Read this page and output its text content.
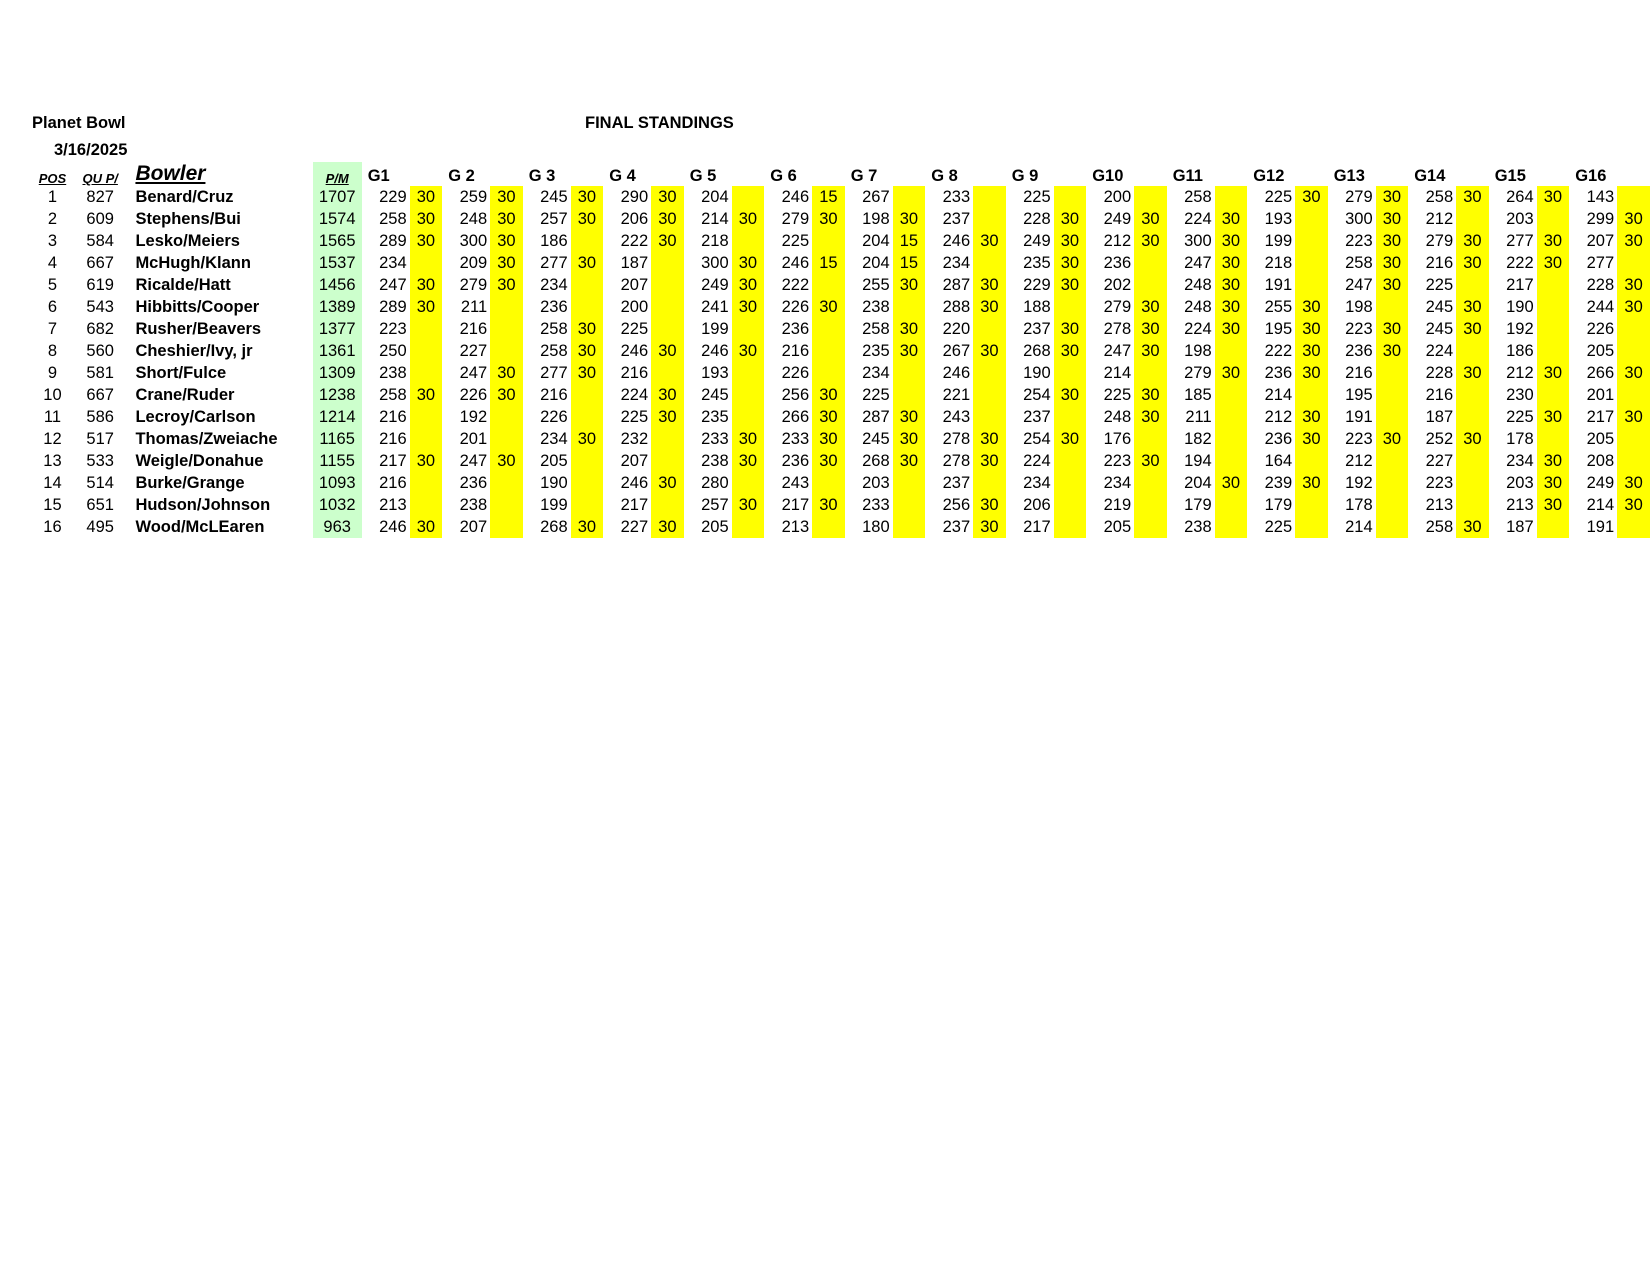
Planet Bowl
3/16/2025
FINAL STANDINGS
POS	QU P/	Bowler		P/M	G1		G 2		G 3		G 4		G 5		G 6		G 7		G 8		G 9		G10		G11		G12		G13		G14		G15		G16	
1	827	Benard/Cruz		1707	229	30	259	30	245	30	290	30	204		246	15	267		233		225		200		258		225	30	279	30	258	30	264	30	143	
2	609	Stephens/Bui		1574	258	30	248	30	257	30	206	30	214	30	279	30	198	30	237		228	30	249	30	224	30	193		300	30	212		203		299	30
3	584	Lesko/Meiers		1565	289	30	300	30	186		222	30	218		225		204	15	246	30	249	30	212	30	300	30	199		223	30	279	30	277	30	207	30
4	667	McHugh/Klann		1537	234		209	30	277	30	187		300	30	246	15	204	15	234		235	30	236		247	30	218		258	30	216	30	222	30	277	
5	619	Ricalde/Hatt		1456	247	30	279	30	234		207		249	30	222		255	30	287	30	229	30	202		248	30	191		247	30	225		217		228	30
6	543	Hibbitts/Cooper		1389	289	30	211		236		200		241	30	226	30	238		288	30	188		279	30	248	30	255	30	198		245	30	190		244	30
7	682	Rusher/Beavers		1377	223		216		258	30	225		199		236		258	30	220		237	30	278	30	224	30	195	30	223	30	245	30	192		226	
8	560	Cheshier/Ivy, jr		1361	250		227		258	30	246	30	246	30	216		235	30	267	30	268	30	247	30	198		222	30	236	30	224		186		205	
9	581	Short/Fulce		1309	238		247	30	277	30	216		193		226		234		246		190		214		279	30	236	30	216		228	30	212	30	266	30
10	667	Crane/Ruder		1238	258	30	226	30	216		224	30	245		256	30	225		221		254	30	225	30	185		214		195		216		230		201	
11	586	Lecroy/Carlson		1214	216		192		226		225	30	235		266	30	287	30	243		237		248	30	211		212	30	191		187		225	30	217	30
12	517	Thomas/Zweiache		1165	216		201		234	30	232		233	30	233	30	245	30	278	30	254	30	176		182		236	30	223	30	252	30	178		205	
13	533	Weigle/Donahue		1155	217	30	247	30	205		207		238	30	236	30	268	30	278	30	224		223	30	194		164		212		227		234	30	208	
14	514	Burke/Grange		1093	216		236		190		246	30	280		243		203		237		234		234		204	30	239	30	192		223		203	30	249	30
15	651	Hudson/Johnson		1032	213		238		199		217		257	30	217	30	233		256	30	206		219		179		179		178		213		213	30	214	30
16	495	Wood/McLEaren		963	246	30	207		268	30	227	30	205		213		180		237	30	217		205		238		225		214		258	30	187		191	
